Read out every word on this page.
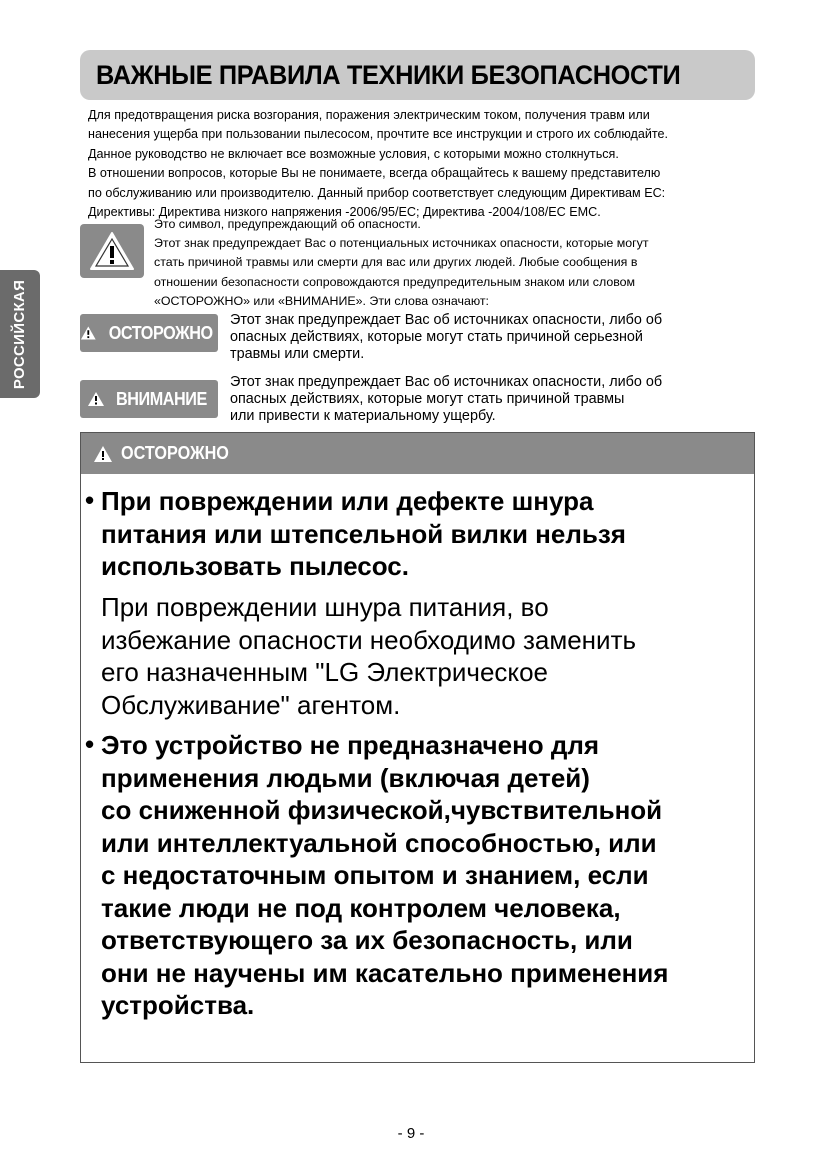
РОССИЙСКАЯ
ВАЖНЫЕ ПРАВИЛА ТЕХНИКИ БЕЗОПАСНОСТИ
Для предотвращения риска возгорания, поражения электрическим током, получения травм или
нанесения ущерба при пользовании пылесосом, прочтите все инструкции и строго их соблюдайте.
Данное руководство не включает все возможные условия, с которыми можно столкнуться.
В отношении вопросов, которые Вы не понимаете, всегда обращайтесь к вашему представителю
по обслуживанию или производителю. Данный прибор соответствует следующим Директивам ЕС:
Директивы: Директива низкого напряжения -2006/95/EC; Директива -2004/108/EC EMC.
Это символ, предупреждающий об опасности.
Этот знак предупреждает Вас о потенциальных источниках опасности, которые могут
стать причиной травмы или смерти для вас или других людей. Любые сообщения в
отношении безопасности сопровождаются предупредительным знаком или словом
«ОСТОРОЖНО» или «ВНИМАНИЕ». Эти слова означают:
ОСТОРОЖНО
Этот знак предупреждает Вас об источниках опасности, либо об
опасных действиях, которые могут стать причиной серьезной
травмы или смерти.
ВНИМАНИЕ
Этот знак предупреждает Вас об источниках опасности, либо об
опасных действиях, которые могут стать причиной травмы
или привести к материальному ущербу.
ОСТОРОЖНО
• При повреждении или дефекте шнура
питания или штепсельной вилки нельзя
использовать пылесос.
При повреждении шнура питания, во
избежание опасности необходимо заменить
его назначенным "LG Электрическое
Обслуживание" агентом.
• Это устройство не предназначено для
применения людьми (включая детей)
со сниженной физической,чувствительной
или интеллектуальной способностью, или
с недостаточным опытом и знанием, если
такие люди не под контролем человека,
ответствующего за их безопасность, или
они не научены им касательно применения
устройства.
- 9 -
